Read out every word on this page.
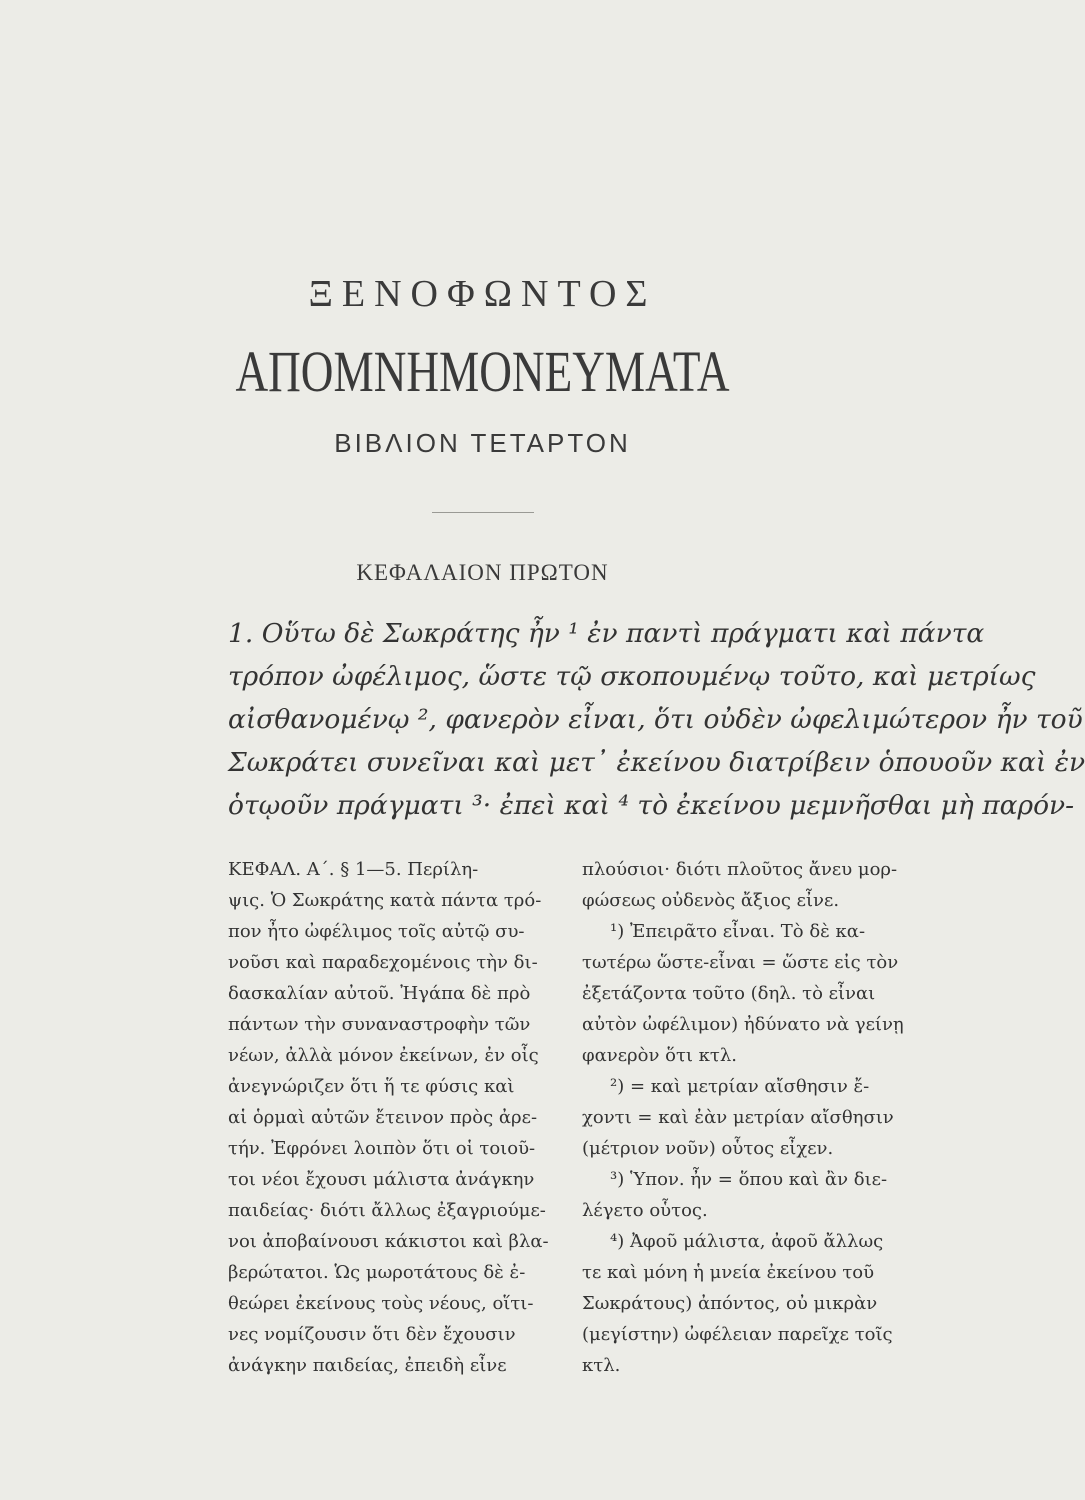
ΞΕΝΟΦΩΝΤΟΣ
ΑΠΟΜΝΗΜΟΝΕΥΜΑΤΑ
ΒΙΒΛΙΟΝ ΤΕΤΑΡΤΟΝ
ΚΕΦΑΛΑΙΟΝ ΠΡΩΤΟΝ
1. Οὕτω δὲ Σωκράτης ἦν ¹ ἐν παντὶ πράγματι καὶ πάντα
τρόπον ὠφέλιμος, ὥστε τῷ σκοπουμένῳ τοῦτο, καὶ μετρίως
αἰσθανομένῳ ², φανερὸν εἶναι, ὅτι οὐδὲν ὠφελιμώτερον ἦν τοῦ
Σωκράτει συνεῖναι καὶ μετ᾽ ἐκείνου διατρίβειν ὁπουοῦν καὶ ἐν
ὁτῳοῦν πράγματι ³· ἐπεὶ καὶ ⁴ τὸ ἐκείνου μεμνῆσθαι μὴ παρόν-
ΚΕΦΑΛ. Α΄. § 1—5. Περίλη-
ψις. Ὁ Σωκράτης κατὰ πάντα τρό-
πον ἦτο ὠφέλιμος τοῖς αὐτῷ συ-
νοῦσι καὶ παραδεχομένοις τὴν δι-
δασκαλίαν αὐτοῦ. Ἠγάπα δὲ πρὸ
πάντων τὴν συναναστροφὴν τῶν
νέων, ἀλλὰ μόνον ἐκείνων, ἐν οἷς
ἀνεγνώριζεν ὅτι ἥ τε φύσις καὶ
αἱ ὁρμαὶ αὐτῶν ἔτεινον πρὸς ἀρε-
τήν. Ἐφρόνει λοιπὸν ὅτι οἱ τοιοῦ-
τοι νέοι ἔχουσι μάλιστα ἀνάγκην
παιδείας· διότι ἄλλως ἐξαγριούμε-
νοι ἀποβαίνουσι κάκιστοι καὶ βλα-
βερώτατοι. Ὡς μωροτάτους δὲ ἐ-
θεώρει ἐκείνους τοὺς νέους, οἵτι-
νες νομίζουσιν ὅτι δὲν ἔχουσιν
ἀνάγκην παιδείας, ἐπειδὴ εἶνε
πλούσιοι· διότι πλοῦτος ἄνευ μορ-
φώσεως οὐδενὸς ἄξιος εἶνε.
¹) Ἐπειρᾶτο εἶναι. Τὸ δὲ κα-
τωτέρω ὥστε-εἶναι = ὥστε εἰς τὸν
ἐξετάζοντα τοῦτο (δηλ. τὸ εἶναι
αὐτὸν ὠφέλιμον) ἠδύνατο νὰ γείνῃ
φανερὸν ὅτι κτλ.
²) = καὶ μετρίαν αἴσθησιν ἔ-
χοντι = καὶ ἐὰν μετρίαν αἴσθησιν
(μέτριον νοῦν) οὗτος εἶχεν.
³) Ὑπον. ἦν = ὅπου καὶ ἂν διε-
λέγετο οὗτος.
⁴) Ἀφοῦ μάλιστα, ἀφοῦ ἄλλως
τε καὶ μόνη ἡ μνεία ἐκείνου τοῦ
Σωκράτους) ἀπόντος, οὐ μικρὰν
(μεγίστην) ὠφέλειαν παρεῖχε τοῖς
κτλ.
